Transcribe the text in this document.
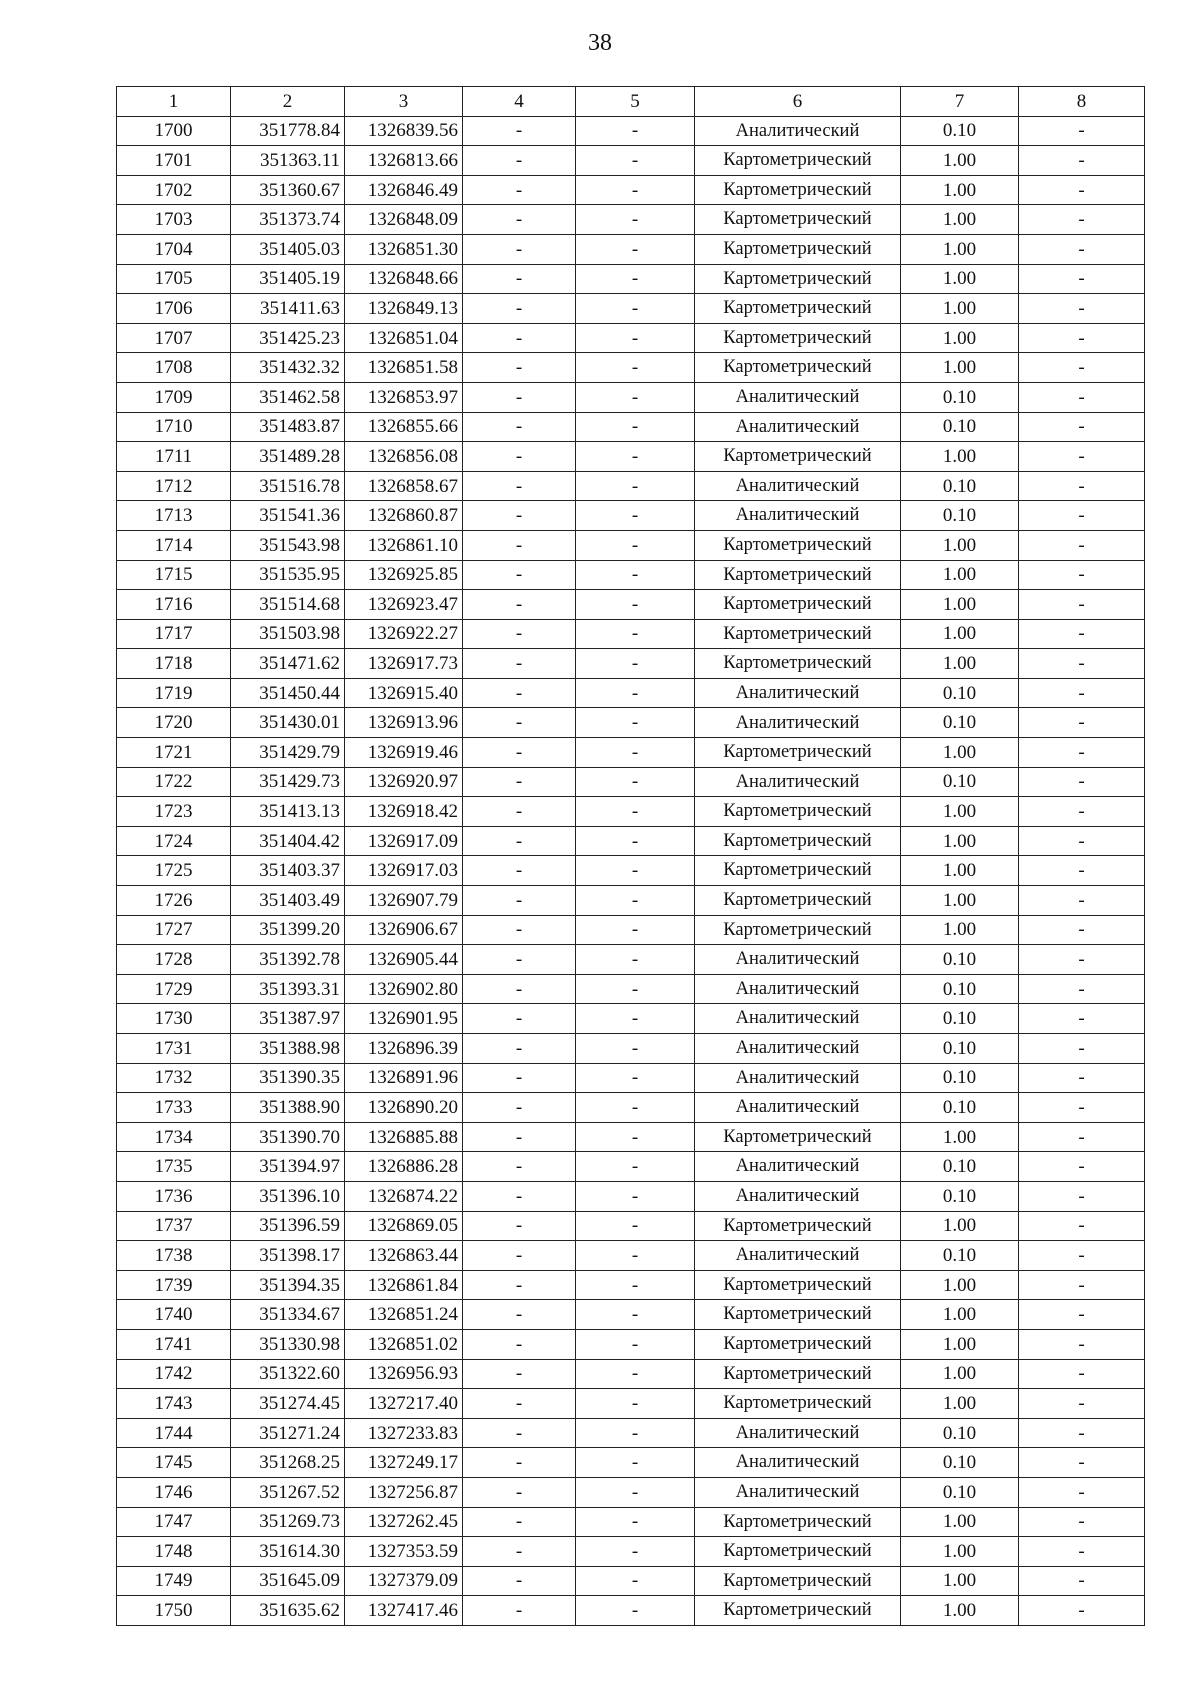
38
1	2	3	4	5	6	7	8
1700	351778.84	1326839.56	-	-	Аналитический	0.10	-
1701	351363.11	1326813.66	-	-	Картометрический	1.00	-
1702	351360.67	1326846.49	-	-	Картометрический	1.00	-
1703	351373.74	1326848.09	-	-	Картометрический	1.00	-
1704	351405.03	1326851.30	-	-	Картометрический	1.00	-
1705	351405.19	1326848.66	-	-	Картометрический	1.00	-
1706	351411.63	1326849.13	-	-	Картометрический	1.00	-
1707	351425.23	1326851.04	-	-	Картометрический	1.00	-
1708	351432.32	1326851.58	-	-	Картометрический	1.00	-
1709	351462.58	1326853.97	-	-	Аналитический	0.10	-
1710	351483.87	1326855.66	-	-	Аналитический	0.10	-
1711	351489.28	1326856.08	-	-	Картометрический	1.00	-
1712	351516.78	1326858.67	-	-	Аналитический	0.10	-
1713	351541.36	1326860.87	-	-	Аналитический	0.10	-
1714	351543.98	1326861.10	-	-	Картометрический	1.00	-
1715	351535.95	1326925.85	-	-	Картометрический	1.00	-
1716	351514.68	1326923.47	-	-	Картометрический	1.00	-
1717	351503.98	1326922.27	-	-	Картометрический	1.00	-
1718	351471.62	1326917.73	-	-	Картометрический	1.00	-
1719	351450.44	1326915.40	-	-	Аналитический	0.10	-
1720	351430.01	1326913.96	-	-	Аналитический	0.10	-
1721	351429.79	1326919.46	-	-	Картометрический	1.00	-
1722	351429.73	1326920.97	-	-	Аналитический	0.10	-
1723	351413.13	1326918.42	-	-	Картометрический	1.00	-
1724	351404.42	1326917.09	-	-	Картометрический	1.00	-
1725	351403.37	1326917.03	-	-	Картометрический	1.00	-
1726	351403.49	1326907.79	-	-	Картометрический	1.00	-
1727	351399.20	1326906.67	-	-	Картометрический	1.00	-
1728	351392.78	1326905.44	-	-	Аналитический	0.10	-
1729	351393.31	1326902.80	-	-	Аналитический	0.10	-
1730	351387.97	1326901.95	-	-	Аналитический	0.10	-
1731	351388.98	1326896.39	-	-	Аналитический	0.10	-
1732	351390.35	1326891.96	-	-	Аналитический	0.10	-
1733	351388.90	1326890.20	-	-	Аналитический	0.10	-
1734	351390.70	1326885.88	-	-	Картометрический	1.00	-
1735	351394.97	1326886.28	-	-	Аналитический	0.10	-
1736	351396.10	1326874.22	-	-	Аналитический	0.10	-
1737	351396.59	1326869.05	-	-	Картометрический	1.00	-
1738	351398.17	1326863.44	-	-	Аналитический	0.10	-
1739	351394.35	1326861.84	-	-	Картометрический	1.00	-
1740	351334.67	1326851.24	-	-	Картометрический	1.00	-
1741	351330.98	1326851.02	-	-	Картометрический	1.00	-
1742	351322.60	1326956.93	-	-	Картометрический	1.00	-
1743	351274.45	1327217.40	-	-	Картометрический	1.00	-
1744	351271.24	1327233.83	-	-	Аналитический	0.10	-
1745	351268.25	1327249.17	-	-	Аналитический	0.10	-
1746	351267.52	1327256.87	-	-	Аналитический	0.10	-
1747	351269.73	1327262.45	-	-	Картометрический	1.00	-
1748	351614.30	1327353.59	-	-	Картометрический	1.00	-
1749	351645.09	1327379.09	-	-	Картометрический	1.00	-
1750	351635.62	1327417.46	-	-	Картометрический	1.00	-
